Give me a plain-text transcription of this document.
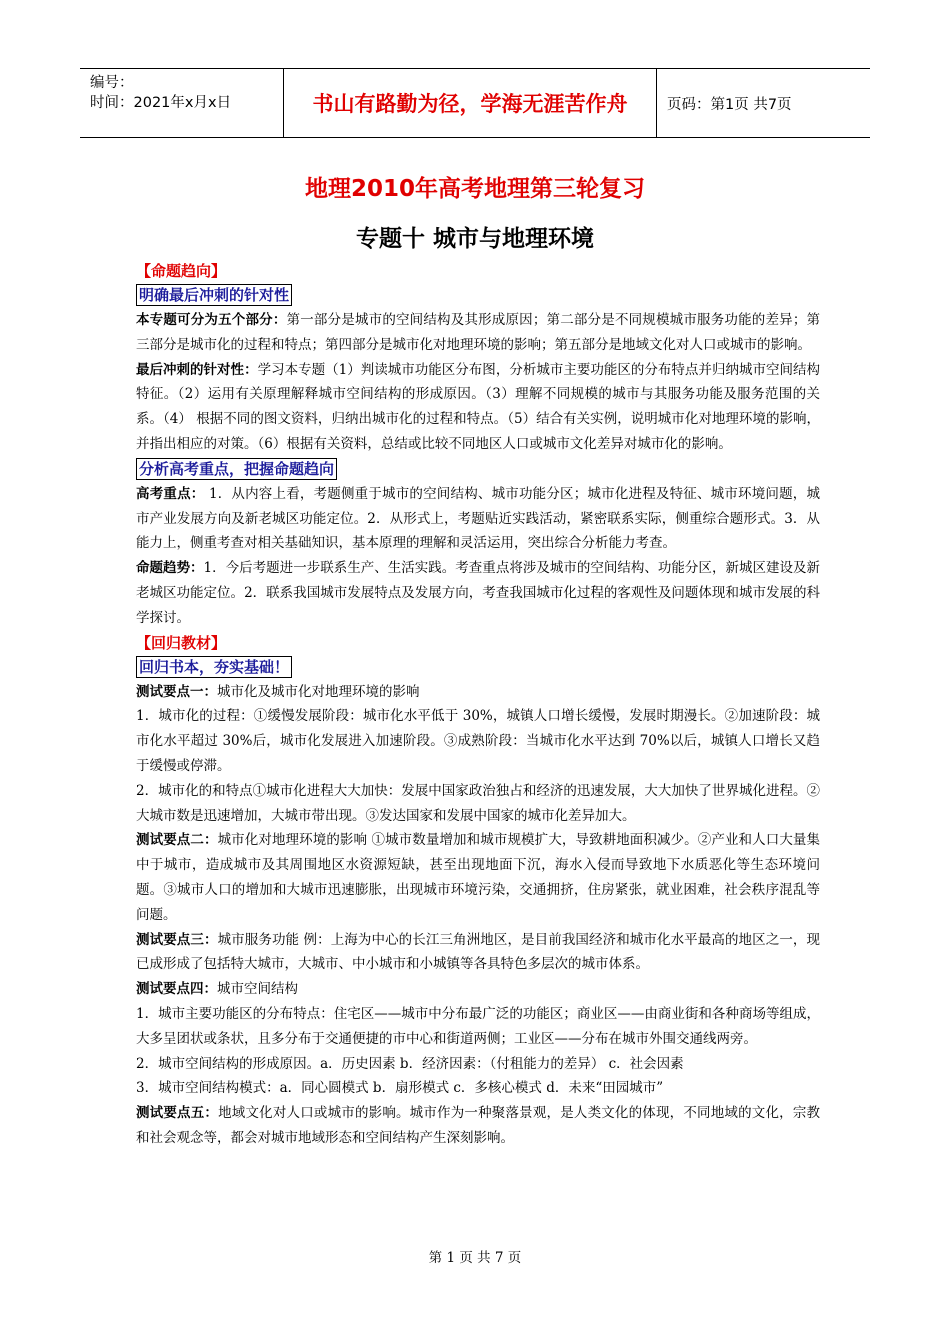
编号：
时间：2021年x月x日	书山有路勤为径，学海无涯苦作舟	页码：第1页 共7页
地理2010年高考地理第三轮复习
专题十 城市与地理环境
【命题趋向】
明确最后冲刺的针对性

本专题可分为五个部分：第一部分是城市的空间结构及其形成原因；第二部分是不同规模城市服务功能的差异；第三部分是城市化的过程和特点；第四部分是城市化对地理环境的影响；第五部分是地域文化对人口或城市的影响。

最后冲刺的针对性：学习本专题（1）判读城市功能区分布图，分析城市主要功能区的分布特点并归纳城市空间结构特征。（2）运用有关原理解释城市空间结构的形成原因。（3）理解不同规模的城市与其服务功能及服务范围的关系。（4） 根据不同的图文资料，归纳出城市化的过程和特点。（5）结合有关实例，说明城市化对地理环境的影响，并指出相应的对策。（6）根据有关资料，总结或比较不同地区人口或城市文化差异对城市化的影响。

分析高考重点，把握命题趋向

高考重点： 1．从内容上看，考题侧重于城市的空间结构、城市功能分区；城市化进程及特征、城市环境问题，城市产业发展方向及新老城区功能定位。2．从形式上，考题贴近实践活动，紧密联系实际，侧重综合题形式。3．从能力上，侧重考查对相关基础知识，基本原理的理解和灵活运用，突出综合分析能力考查。

命题趋势：1．今后考题进一步联系生产、生活实践。考查重点将涉及城市的空间结构、功能分区，新城区建设及新老城区功能定位。2．联系我国城市发展特点及发展方向，考查我国城市化过程的客观性及问题体现和城市发展的科学探讨。

【回归教材】
回归书本，夯实基础！

测试要点一：城市化及城市化对地理环境的影响

1．城市化的过程：①缓慢发展阶段：城市化水平低于 30%，城镇人口增长缓慢，发展时期漫长。②加速阶段：城市化水平超过 30%后，城市化发展进入加速阶段。③成熟阶段：当城市化水平达到 70%以后，城镇人口增长又趋于缓慢或停滞。

2．城市化的和特点①城市化进程大大加快：发展中国家政治独占和经济的迅速发展，大大加快了世界城化进程。②大城市数是迅速增加，大城市带出现。③发达国家和发展中国家的城市化差异加大。

测试要点二：城市化对地理环境的影响 ①城市数量增加和城市规模扩大，导致耕地面积减少。②产业和人口大量集中于城市，造成城市及其周围地区水资源短缺，甚至出现地面下沉，海水入侵而导致地下水质恶化等生态环境问题。③城市人口的增加和大城市迅速膨胀，出现城市环境污染，交通拥挤，住房紧张，就业困难，社会秩序混乱等问题。

测试要点三：城市服务功能 例：上海为中心的长江三角洲地区，是目前我国经济和城市化水平最高的地区之一，现已成形成了包括特大城市，大城市、中小城市和小城镇等各具特色多层次的城市体系。

测试要点四：城市空间结构

1．城市主要功能区的分布特点：住宅区——城市中分布最广泛的功能区；商业区——由商业街和各种商场等组成，大多呈团状或条状，且多分布于交通便捷的市中心和街道两侧；工业区——分布在城市外围交通线两旁。

2．城市空间结构的形成原因。a．历史因素 b．经济因素：（付租能力的差异） c．社会因素

3．城市空间结构模式：a．同心圆模式 b．扇形模式 c．多核心模式 d．未来“田园城市”

测试要点五：地域文化对人口或城市的影响。城市作为一种聚落景观，是人类文化的体现，不同地域的文化，宗教和社会观念等，都会对城市地域形态和空间结构产生深刻影响。

第 1 页 共 7 页
